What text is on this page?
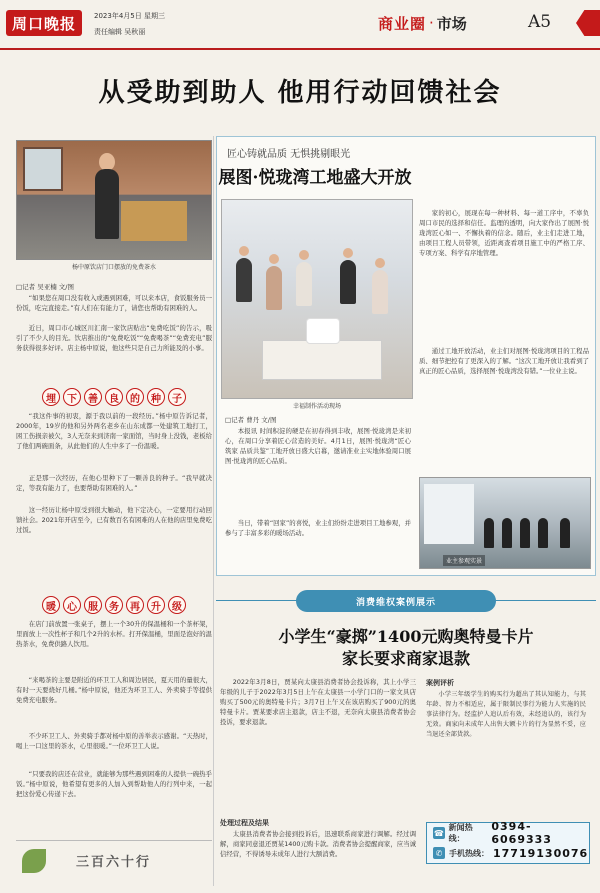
周口晚报	2023年4月5日 星期三
责任编辑 吴秋丽	商业圈 · 市场	A5
从受助到助人 他用行动回馈社会
杨中原饮店门口摆放的免费茶水
□记者 吴亚楠 文/图

“如果您在周口没有收入或遇到困难，可以来本店，食饭服务员一份饭，吃完直接走。”有人们在有能力了，请您也帮助有困难的人。

近日，周口市心城区川汇南一家饮店贴出“免费吃饭”的告示，吸引了不少人的目光。饮店推出的“免费吃饭”“免费喝茶”“免费充电”服务获得很多好评。店主杨中原说，他这些只是自己力所能及的小事。

埋	下	善	良	的	种	子

“我这件事的初衷，源于我以前的一段经历。”杨中原告诉记者，2000年，19岁的他和另外两名老乡在山东成都一处建筑工地打工，困工伤损亲被欠，3人无奈来到济南一家面馆，当时身上没钱，老板给了他们两碗面条，从此他们的人生中多了一份温暖。

正是那一次经历，在他心里种下了一颗善良的种子。“我早就决定，等我有能力了，也要帮助有困难的人。”

这一经历让杨中原受到很大触动，他下定决心，一定要用行动回馈社会。2021年开店至今，已有数百名有困难的人在他的店里免费吃过饭。

暖	心	服	务	再	升	级

在店门前放置一张桌子，摆上一个30升的保温桶和一个茶杯架，里面放上一次性杯子和几个2升的水杯。打开保温桶，里面是泡好的温热茶水，免费供路人饮用。

“来喝茶的主要是附近的环卫工人和周边居民，夏天用的量很大，有时一天要烧好几桶。”杨中原说，他还为环卫工人、外卖骑手等提供免费充电服务。

不少环卫工人、外卖骑手都对杨中原的善举表示感谢。“天热时，喝上一口这里的茶水，心里很暖。”一位环卫工人说。

“只要我的店还在营业，就能够为那些遇到困难的人提供一碗热乎饭。”杨中原说，他希望有更多的人加入到帮助他人的行列中来，一起把这份爱心传递下去。

三百六十行
匠心铸就品质 无惧挑剔眼光
展图·悦珑湾工地盛大开放
幸福制作活动现场
□记者 曹丹 文/图

本报讯 时间积淀的硬是在初春得到丰收，展图·悦珑湾是来初心，在周口分享着匠心营造的美好。4月1日，展图·悦珑湾“匠心筑家 品质共鉴”工地开放日盛大启幕，邀请准业主实地体验周口展图·悦珑湾的匠心品质。

当日，带着“回家”的喜悦，业主们纷纷走进项目工地参观，并参与了丰富多彩的暖场活动。

家的初心，展现在每一种材料、每一道工序中，不辜负周口市民的选择和信任。监理的透明，向大家作出了展图·悦珑湾匠心如一、不懈执着的信念。随后，业主们走进工地，由项目工程人员带领，近距离查看项目施工中的严格工序、专项方案、科学有序地管理。

通过工地开放活动，业主们对展图·悦珑湾项目的工程品质、细节把控有了更深入的了解。“这次工地开放让我看到了真正的匠心品质，选择展图·悦珑湾没有错。”一位业主说。

业主参观实景
消费维权案例展示
小学生“豪掷”1400元购奥特曼卡片
家长要求商家退款

2022年3月8日，贾某向太康县消费者协会投诉称，其上小学三年级的儿子于2022年3月5日上午在太康县一小学门口的一家文具店购买了500元的奥特曼卡片；3月7日上午又在该店购买了900元的奥特曼卡片。贾某要求店主退款，店主不退，无奈向太康县消费者协会投诉，要求退款。

案例评析

小学三年级学生的购买行为超出了其认知能力，与其年龄、智力不相适应，属于限制民事行为能力人实施的民事法律行为。经监护人追认后有效，未经追认的，该行为无效。商家向未成年人出售大额卡片的行为显然不妥，应当退还全部货款。

处理过程及结果

太康县消费者协会接到投诉后，迅速联系商家进行调解。经过调解，商家同意退还贾某1400元购卡款。消费者协会提醒商家，应当诚信经营，不得诱导未成年人进行大额消费。

☎
新闻热线：
0394-6069333
✆ 手机热线： 17719130076
